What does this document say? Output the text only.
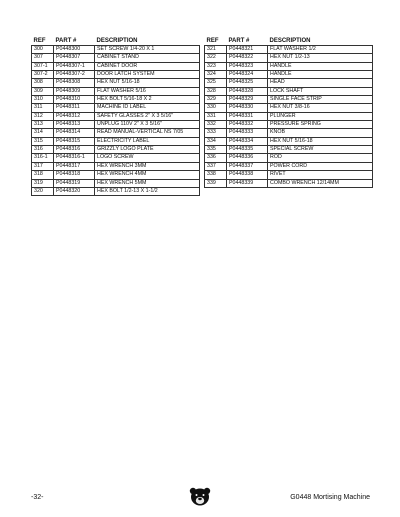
REF	PART #	DESCRIPTION
300	P0448300	SET SCREW 1/4-20 X 1
307	P0448307	CABINET STAND
307-1	P0448307-1	CABINET DOOR
307-2	P0448307-2	DOOR LATCH SYSTEM
308	P0448308	HEX NUT 5/16-18
309	P0448309	FLAT WASHER 5/16
310	P0448310	HEX BOLT 5/16-18 X 2
311	P0448311	MACHINE ID LABEL
312	P0448312	SAFETY GLASSES 2" X 3 5/16"
313	P0448313	UNPLUG 110V 2" X 3 5/16"
314	P0448314	READ MANUAL-VERTICAL NS 7/05
315	P0448315	ELECTRICITY LABEL
316	P0448316	GRIZZLY LOGO PLATE
316-1	P0448316-1	LOGO SCREW
317	P0448317	HEX WRENCH 3MM
318	P0448318	HEX WRENCH 4MM
319	P0448319	HEX WRENCH 5MM
320	P0448320	HEX BOLT 1/2-13 X 1-1/2
REF	PART #	DESCRIPTION
321	P0448321	FLAT WASHER 1/2
322	P0448322	HEX NUT 1/2-13
323	P0448323	HANDLE
324	P0448324	HANDLE
325	P0448325	HEAD
328	P0448328	LOCK SHAFT
329	P0448329	SINGLE FACE STRIP
330	P0448330	HEX NUT 3/8-16
331	P0448331	PLUNGER
332	P0448332	PRESSURE SPRING
333	P0448333	KNOB
334	P0448334	HEX NUT 5/16-18
335	P0448335	SPECIAL SCREW
336	P0448336	ROD
337	P0448337	POWER CORD
338	P0448338	RIVET
339	P0448339	COMBO WRENCH 12/14MM
-32-	G0448 Mortising Machine
